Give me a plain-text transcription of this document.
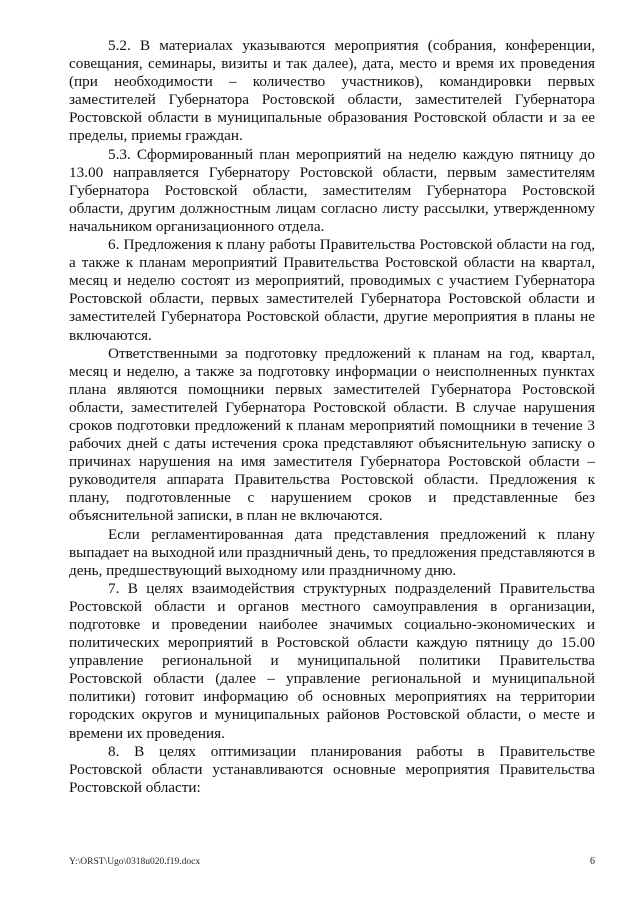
5.2. В материалах указываются мероприятия (собрания, конференции, совещания, семинары, визиты и так далее), дата, место и время их проведения (при необходимости – количество участников), командировки первых заместителей Губернатора Ростовской области, заместителей Губернатора Ростовской области в муниципальные образования Ростовской области и за ее пределы, приемы граждан.

5.3. Сформированный план мероприятий на неделю каждую пятницу до 13.00 направляется Губернатору Ростовской области, первым заместителям Губернатора Ростовской области, заместителям Губернатора Ростовской области, другим должностным лицам согласно листу рассылки, утвержденному начальником организационного отдела.

6. Предложения к плану работы Правительства Ростовской области на год, а также к планам мероприятий Правительства Ростовской области на квартал, месяц и неделю состоят из мероприятий, проводимых с участием Губернатора Ростовской области, первых заместителей Губернатора Ростовской области и заместителей Губернатора Ростовской области, другие мероприятия в планы не включаются.

Ответственными за подготовку предложений к планам на год, квартал, месяц и неделю, а также за подготовку информации о неисполненных пунктах плана являются помощники первых заместителей Губернатора Ростовской области, заместителей Губернатора Ростовской области. В случае нарушения сроков подготовки предложений к планам мероприятий помощники в течение 3 рабочих дней с даты истечения срока представляют объяснительную записку о причинах нарушения на имя заместителя Губернатора Ростовской области – руководителя аппарата Правительства Ростовской области. Предложения к плану, подготовленные с нарушением сроков и представленные без объяснительной записки, в план не включаются.

Если регламентированная дата представления предложений к плану выпадает на выходной или праздничный день, то предложения представляются в день, предшествующий выходному или праздничному дню.

7. В целях взаимодействия структурных подразделений Правительства Ростовской области и органов местного самоуправления в организации, подготовке и проведении наиболее значимых социально-экономических и политических мероприятий в Ростовской области каждую пятницу до 15.00 управление региональной и муниципальной политики Правительства Ростовской области (далее – управление региональной и муниципальной политики) готовит информацию об основных мероприятиях на территории городских округов и муниципальных районов Ростовской области, о месте и времени их проведения.

8. В целях оптимизации планирования работы в Правительстве Ростовской области устанавливаются основные мероприятия Правительства Ростовской области:

Y:\ORST\Ugo\0318u020.f19.docx	6
